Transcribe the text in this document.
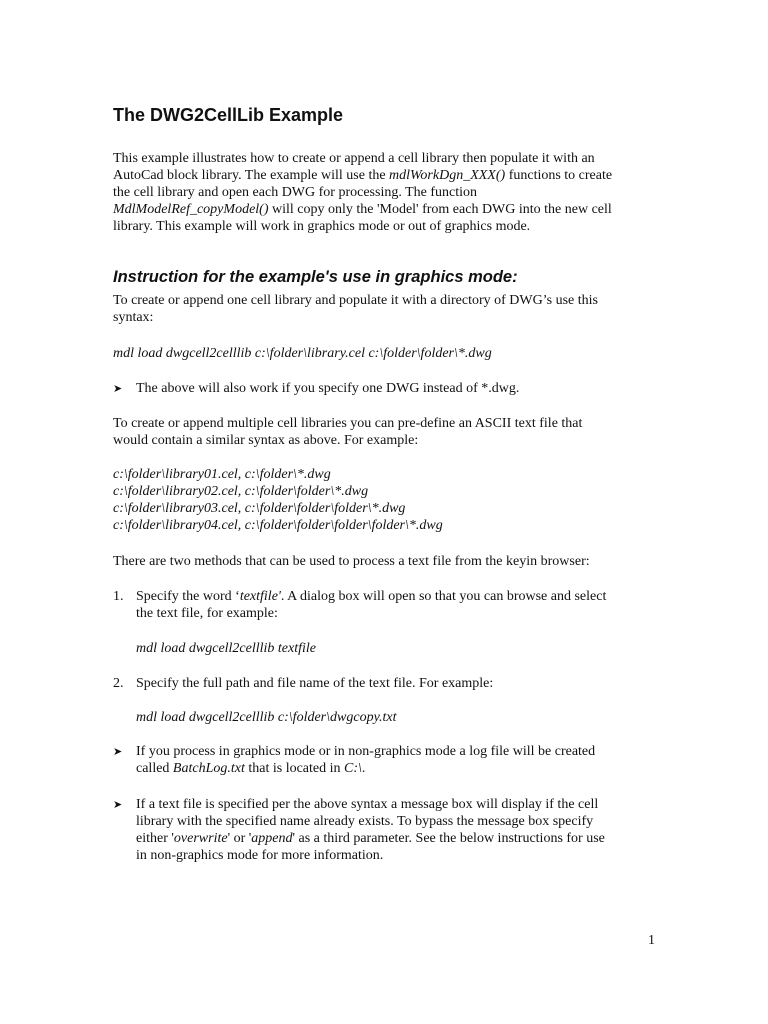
The DWG2CellLib Example
This example illustrates how to create or append a cell library then populate it with an
AutoCad block library. The example will use the mdlWorkDgn_XXX() functions to create
the cell library and open each DWG for processing. The function
MdlModelRef_copyModel() will copy only the 'Model' from each DWG into the new cell
library. This example will work in graphics mode or out of graphics mode.
Instruction for the example's use in graphics mode:
To create or append one cell library and populate it with a directory of DWG’s use this
syntax:
mdl load dwgcell2celllib c:\folder\library.cel c:\folder\folder\*.dwg
➤ The above will also work if you specify one DWG instead of *.dwg.
To create or append multiple cell libraries you can pre-define an ASCII text file that
would contain a similar syntax as above. For example:
c:\folder\library01.cel, c:\folder\*.dwg
c:\folder\library02.cel, c:\folder\folder\*.dwg
c:\folder\library03.cel, c:\folder\folder\folder\*.dwg
c:\folder\library04.cel, c:\folder\folder\folder\folder\*.dwg
There are two methods that can be used to process a text file from the keyin browser:
1. Specify the word ‘textfile'. A dialog box will open so that you can browse and select
the text file, for example:
mdl load dwgcell2celllib textfile
2. Specify the full path and file name of the text file. For example:
mdl load dwgcell2celllib c:\folder\dwgcopy.txt
➤ If you process in graphics mode or in non-graphics mode a log file will be created
called BatchLog.txt that is located in C:\.
➤ If a text file is specified per the above syntax a message box will display if the cell
library with the specified name already exists. To bypass the message box specify
either 'overwrite' or 'append' as a third parameter. See the below instructions for use
in non-graphics mode for more information.
1
